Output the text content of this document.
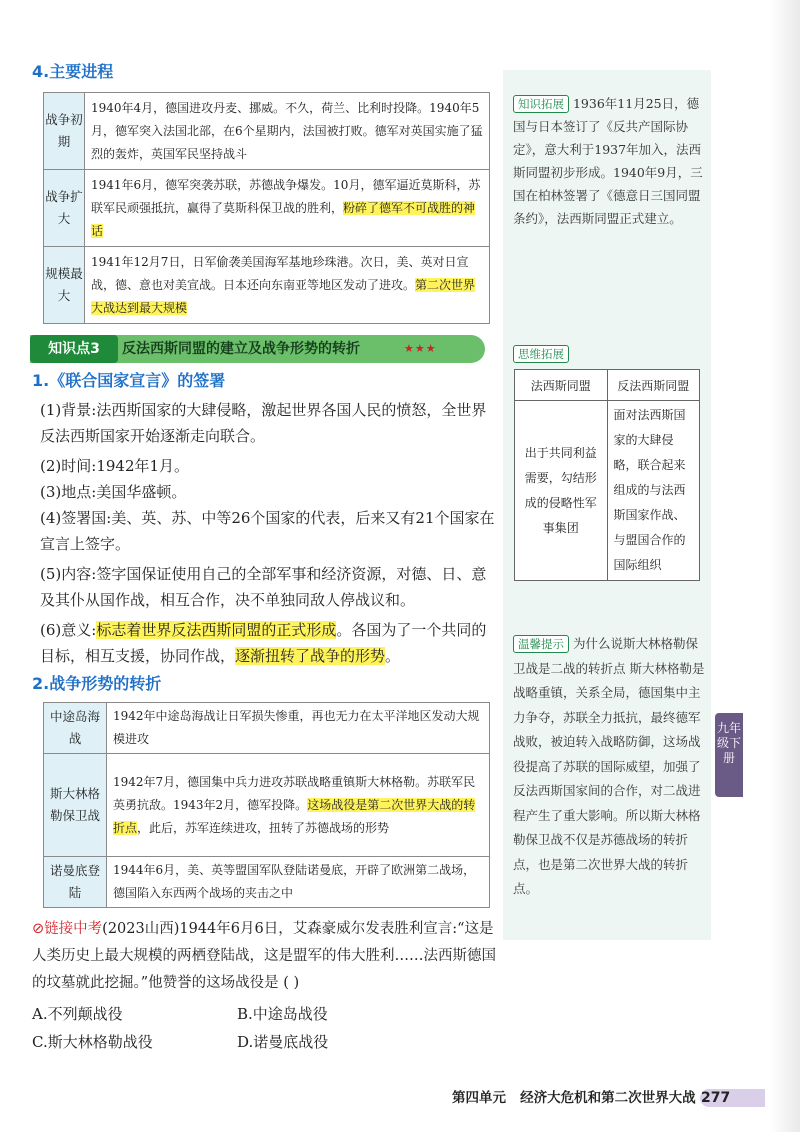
4.主要进程
战争初期	1940年4月，德国进攻丹麦、挪威。不久，荷兰、比利时投降。1940年5月，德军突入法国北部，在6个星期内，法国被打败。德军对英国实施了猛烈的轰炸，英国军民坚持战斗
战争扩大	1941年6月，德军突袭苏联，苏德战争爆发。10月，德军逼近莫斯科，苏联军民顽强抵抗，赢得了莫斯科保卫战的胜利，粉碎了德军不可战胜的神话
规模最大	1941年12月7日，日军偷袭美国海军基地珍珠港。次日，美、英对日宣战，德、意也对美宣战。日本还向东南亚等地区发动了进攻。第二次世界大战达到最大规模
知识点3	反法西斯同盟的建立及战争形势的转折	★★★
1.《联合国家宣言》的签署
(1)背景:法西斯国家的大肆侵略，激起世界各国人民的愤怒，全世界反法西斯国家开始逐渐走向联合。
(2)时间:1942年1月。
(3)地点:美国华盛顿。
(4)签署国:美、英、苏、中等26个国家的代表，后来又有21个国家在宣言上签字。
(5)内容:签字国保证使用自己的全部军事和经济资源，对德、日、意及其仆从国作战，相互合作，决不单独同敌人停战议和。
(6)意义:标志着世界反法西斯同盟的正式形成。各国为了一个共同的目标，相互支援，协同作战，逐渐扭转了战争的形势。
2.战争形势的转折
中途岛海战	1942年中途岛海战让日军损失惨重，再也无力在太平洋地区发动大规模进攻
斯大林格勒保卫战	1942年7月，德国集中兵力进攻苏联战略重镇斯大林格勒。苏联军民英勇抗敌。1943年2月，德军投降。这场战役是第二次世界大战的转折点，此后，苏军连续进攻，扭转了苏德战场的形势
诺曼底登陆	1944年6月，美、英等盟国军队登陆诺曼底，开辟了欧洲第二战场，德国陷入东西两个战场的夹击之中
⊘链接中考(2023山西)1944年6月6日，艾森豪威尔发表胜利宣言:“这是人类历史上最大规模的两栖登陆战，这是盟军的伟大胜利……法西斯德国的坟墓就此挖掘。”他赞誉的这场战役是 ( )
A.不列颠战役	B.中途岛战役
C.斯大林格勒战役	D.诺曼底战役
知识拓展 1936年11月25日，德国与日本签订了《反共产国际协定》，意大利于1937年加入，法西斯同盟初步形成。1940年9月，三国在柏林签署了《德意日三国同盟条约》，法西斯同盟正式建立。
思维拓展
法西斯同盟	反法西斯同盟
出于共同利益需要，勾结形成的侵略性军事集团	面对法西斯国家的大肆侵略，联合起来组成的与法西斯国家作战、与盟国合作的国际组织
温馨提示 为什么说斯大林格勒保卫战是二战的转折点 斯大林格勒是战略重镇，关系全局，德国集中主力争夺，苏联全力抵抗，最终德军战败，被迫转入战略防御，这场战役提高了苏联的国际威望，加强了反法西斯国家间的合作，对二战进程产生了重大影响。所以斯大林格勒保卫战不仅是苏德战场的转折点，也是第二次世界大战的转折点。
九年级下册
第四单元 经济大危机和第二次世界大战 277
